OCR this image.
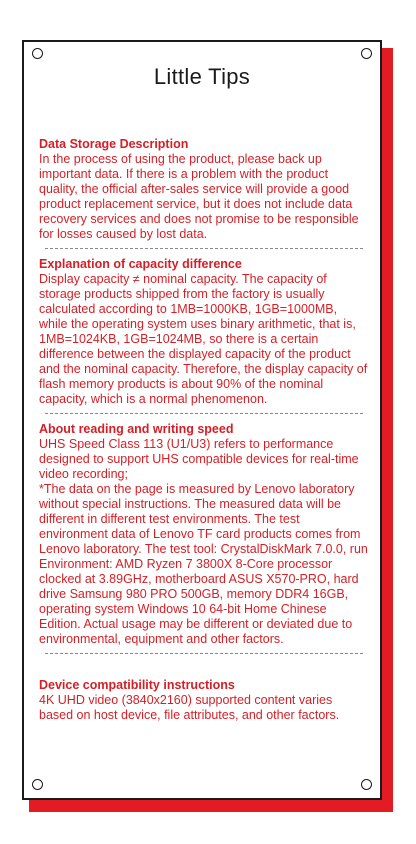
Little Tips
Data Storage Description
In the process of using the product, please back up important data. If there is a problem with the product quality, the official after-sales service will provide a good product replacement service, but it does not include data recovery services and does not promise to be responsible for losses caused by lost data.
Explanation of capacity difference
Display capacity ≠ nominal capacity. The capacity of storage products shipped from the factory is usually calculated according to 1MB=1000KB, 1GB=1000MB, while the operating system uses binary arithmetic, that is, 1MB=1024KB, 1GB=1024MB, so there is a certain difference between the displayed capacity of the product and the nominal capacity. Therefore, the display capacity of flash memory products is about 90% of the nominal capacity, which is a normal phenomenon.
About reading and writing speed
UHS Speed Class 113 (U1/U3) refers to performance designed to support UHS compatible devices for real-time video recording;
*The data on the page is measured by Lenovo laboratory without special instructions. The measured data will be different in different test environments. The test environment data of Lenovo TF card products comes from Lenovo laboratory. The test tool: CrystalDiskMark 7.0.0, run Environment: AMD Ryzen 7 3800X 8-Core processor clocked at 3.89GHz, motherboard ASUS X570-PRO, hard drive Samsung 980 PRO 500GB, memory DDR4 16GB, operating system Windows 10 64-bit Home Chinese Edition. Actual usage may be different or deviated due to environmental, equipment and other factors.
Device compatibility instructions
4K UHD video (3840x2160) supported content varies based on host device, file attributes, and other factors.
